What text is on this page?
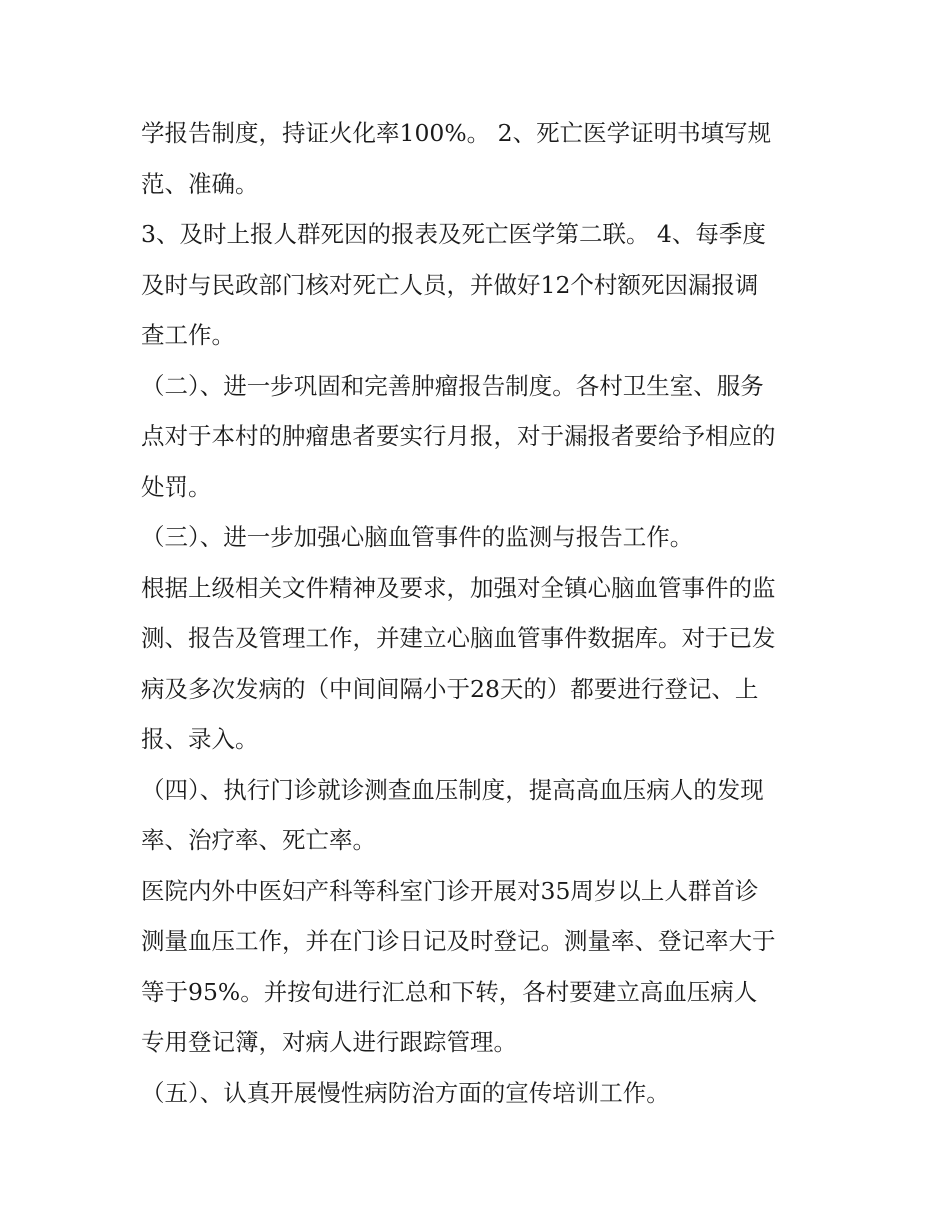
学报告制度，持证火化率100%。 2、死亡医学证明书填写规
范、准确。
3、及时上报人群死因的报表及死亡医学第二联。 4、每季度
及时与民政部门核对死亡人员，并做好12个村额死因漏报调
查工作。
（二）、进一步巩固和完善肿瘤报告制度。各村卫生室、服务
点对于本村的肿瘤患者要实行月报，对于漏报者要给予相应的
处罚。
（三）、进一步加强心脑血管事件的监测与报告工作。
根据上级相关文件精神及要求，加强对全镇心脑血管事件的监
测、报告及管理工作，并建立心脑血管事件数据库。对于已发
病及多次发病的（中间间隔小于28天的）都要进行登记、上
报、录入。
（四）、执行门诊就诊测查血压制度，提高高血压病人的发现
率、治疗率、死亡率。
医院内外中医妇产科等科室门诊开展对35周岁以上人群首诊
测量血压工作，并在门诊日记及时登记。测量率、登记率大于
等于95%。并按旬进行汇总和下转，各村要建立高血压病人
专用登记簿，对病人进行跟踪管理。
（五）、认真开展慢性病防治方面的宣传培训工作。
